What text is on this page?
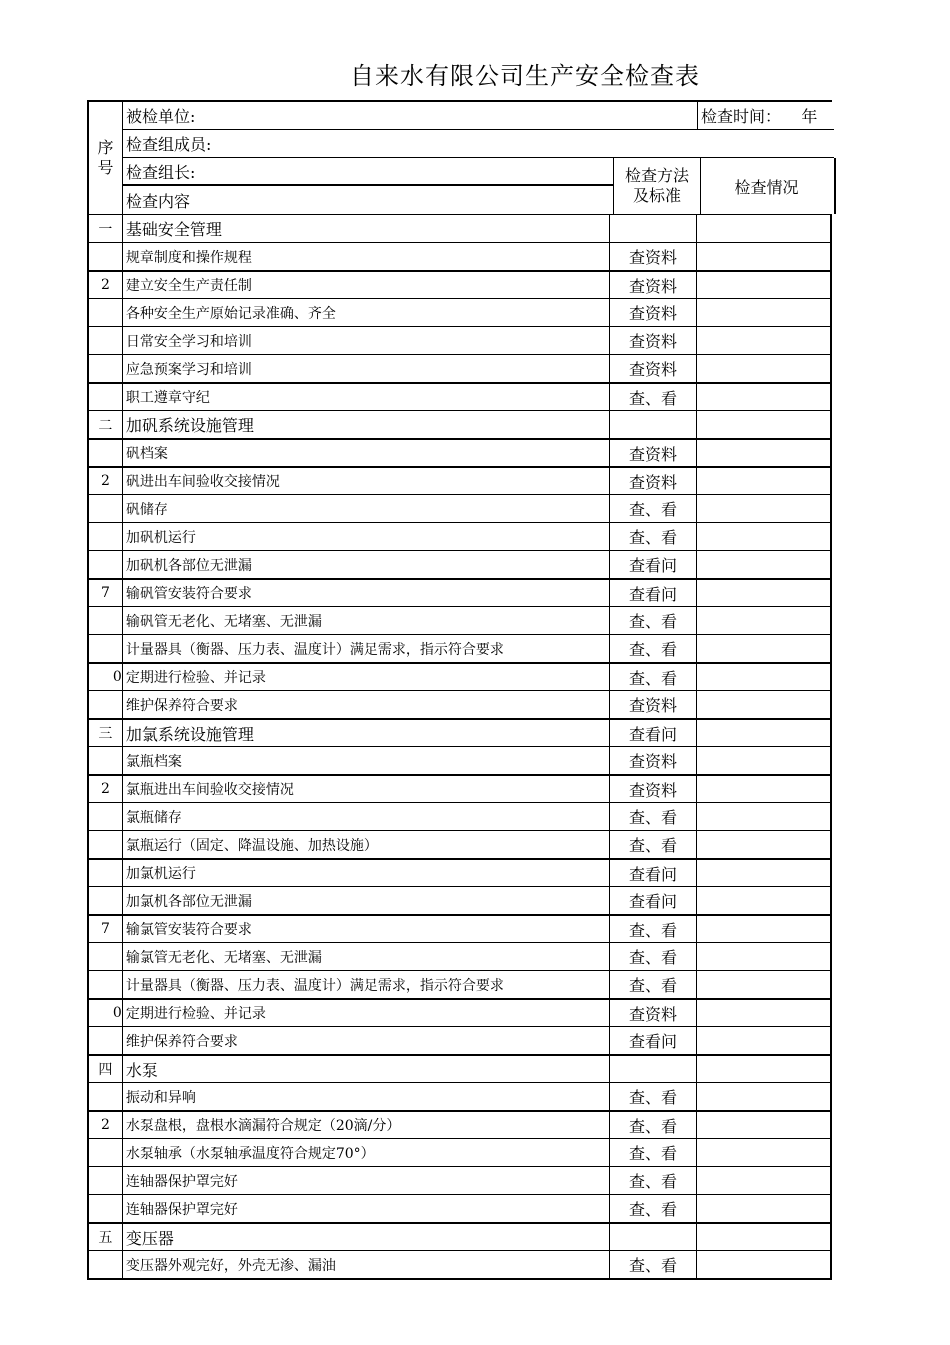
自来水有限公司生产安全检查表
序
号
被检单位:	检查时间：    年
检查组成员:
检查组长:
检查内容
检查方法
及标准	检查情况
一 基础安全管理
规章制度和操作规程	查资料
2	建立安全生产责任制	查资料
各种安全生产原始记录准确、齐全	查资料
日常安全学习和培训	查资料
应急预案学习和培训	查资料
职工遵章守纪	查、看
二 加矾系统设施管理
矾档案	查资料
2	矾进出车间验收交接情况	查资料
矾储存	查、看
加矾机运行	查、看
加矾机各部位无泄漏	查看问
7	输矾管安装符合要求	查看问
输矾管无老化、无堵塞、无泄漏	查、看
计量器具（衡器、压力表、温度计）满足需求，指示符合要求	查、看
0 定期进行检验、并记录	查、看
维护保养符合要求	查资料
三 加氯系统设施管理	查看问
氯瓶档案	查资料
2	氯瓶进出车间验收交接情况	查资料
氯瓶储存	查、看
氯瓶运行（固定、降温设施、加热设施）	查、看
加氯机运行	查看问
加氯机各部位无泄漏	查看问
7	输氯管安装符合要求	查、看
输氯管无老化、无堵塞、无泄漏	查、看
计量器具（衡器、压力表、温度计）满足需求，指示符合要求	查、看
0 定期进行检验、并记录	查资料
维护保养符合要求	查看问
四 水泵
振动和异响	查、看
2	水泵盘根，盘根水滴漏符合规定（20滴/分）	查、看
水泵轴承（水泵轴承温度符合规定70°）	查、看
连轴器保护罩完好	查、看
连轴器保护罩完好	查、看
五 变压器
变压器外观完好，外壳无渗、漏油	查、看
